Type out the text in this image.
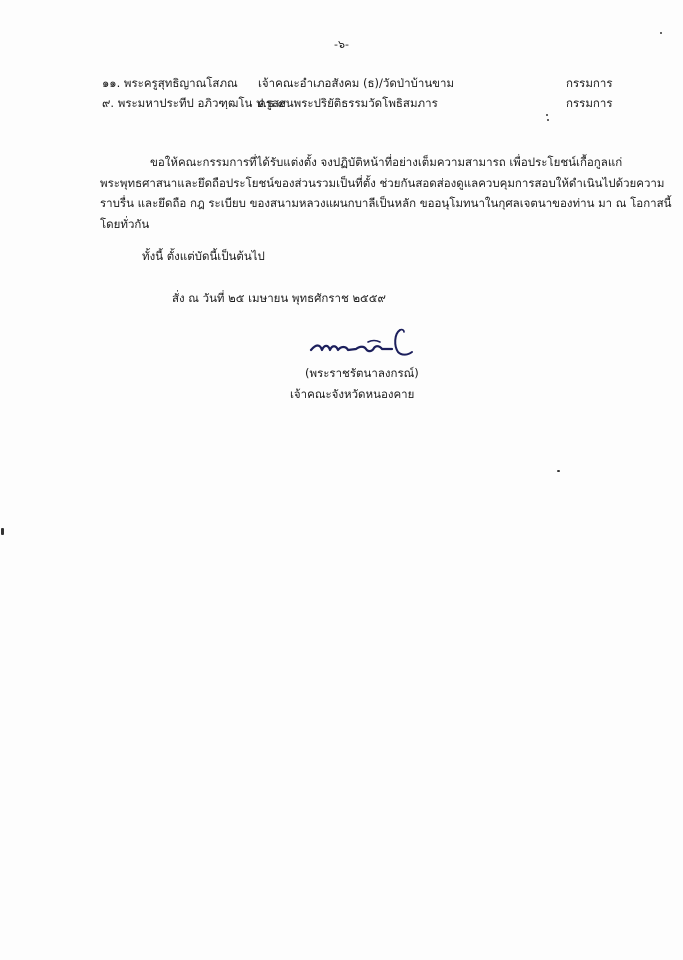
-๖-
๑๑. พระครูสุทธิญาณโสภณ เจ้าคณะอำเภอสังคม (ธ)/วัดป่าบ้านขาม	กรรมการ
๙. พระมหาประทีป อภิวฑฺฒโน ป.ธ.๙
ครูสอนพระปริยัติธรรมวัดโพธิสมภาร	กรรมการ
ขอให้คณะกรรมการที่ได้รับแต่งตั้ง จงปฏิบัติหน้าที่อย่างเต็มความสามารถ เพื่อประโยชน์เกื้อกูลแก่
พระพุทธศาสนาและยึดถือประโยชน์ของส่วนรวมเป็นที่ตั้ง ช่วยกันสอดส่องดูแลควบคุมการสอบให้ดำเนินไปด้วยความ
ราบรื่น และยึดถือ กฎ ระเบียบ ของสนามหลวงแผนกบาลีเป็นหลัก ขออนุโมทนาในกุศลเจตนาของท่าน มา ณ โอกาสนี้
โดยทั่วกัน
ทั้งนี้ ตั้งแต่บัดนี้เป็นต้นไป
สั่ง ณ วันที่ ๒๕ เมษายน พุทธศักราช ๒๕๕๙
(พระราชรัตนาลงกรณ์)
เจ้าคณะจังหวัดหนองคาย
